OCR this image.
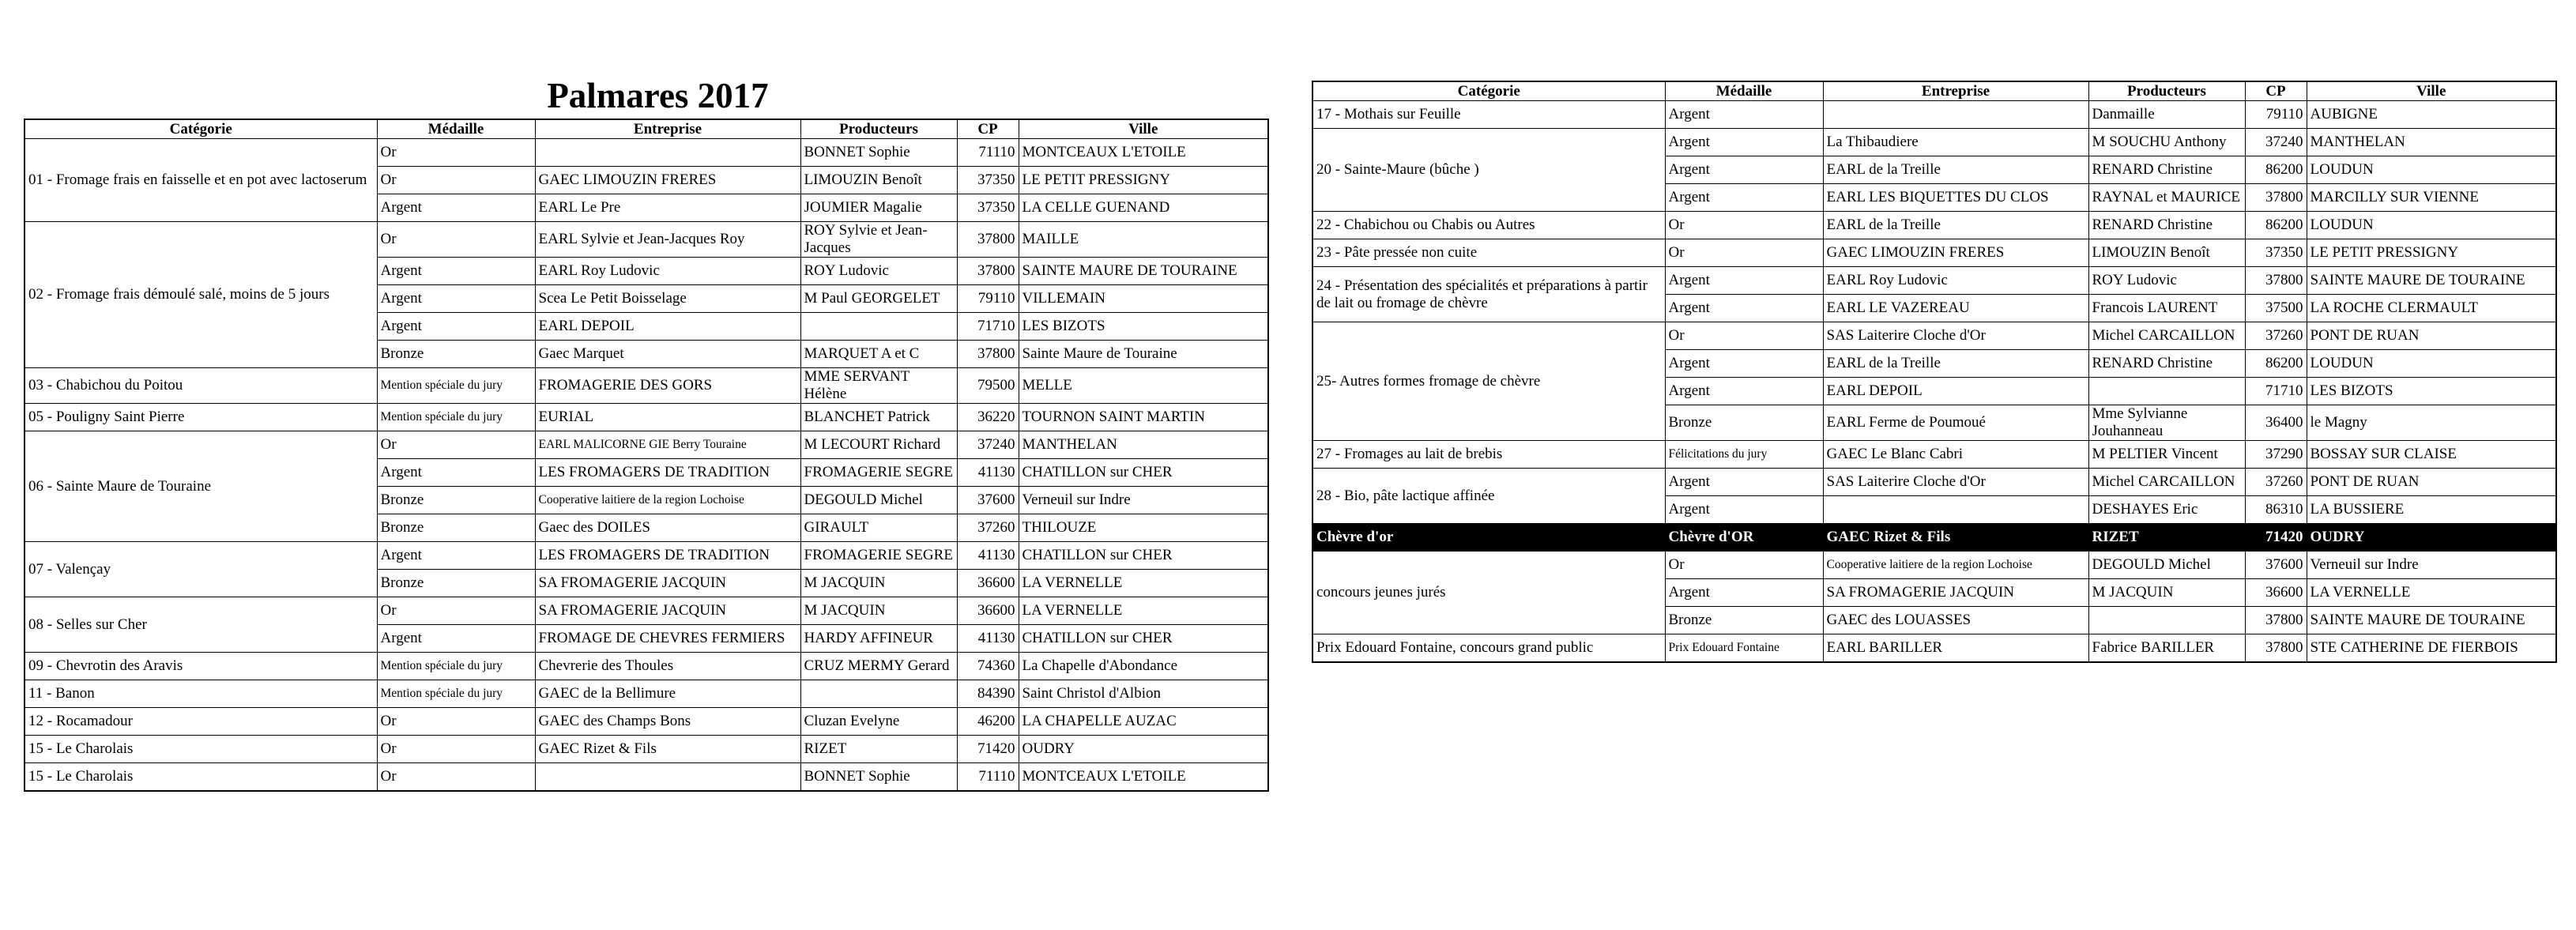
Palmares 2017
Catégorie	Médaille	Entreprise	Producteurs	CP	Ville
01 - Fromage frais en faisselle et en pot avec lactoserum	Or		BONNET Sophie	71110	MONTCEAUX L'ETOILE
	Or	GAEC LIMOUZIN FRERES	LIMOUZIN Benoît	37350	LE PETIT PRESSIGNY
	Argent	EARL Le Pre	JOUMIER Magalie	37350	LA CELLE GUENAND
02 - Fromage frais démoulé salé, moins de 5 jours	Or	EARL Sylvie et Jean-Jacques Roy	ROY Sylvie et Jean-Jacques	37800	MAILLE
	Argent	EARL Roy Ludovic	ROY Ludovic	37800	SAINTE MAURE DE TOURAINE
	Argent	Scea Le Petit Boisselage	M Paul GEORGELET	79110	VILLEMAIN
	Argent	EARL DEPOIL		71710	LES BIZOTS
	Bronze	Gaec Marquet	MARQUET A et C	37800	Sainte Maure de Touraine
03 - Chabichou du Poitou	Mention spéciale du jury	FROMAGERIE DES GORS	MME SERVANT Hélène	79500	MELLE
05 - Pouligny Saint Pierre	Mention spéciale du jury	EURIAL	BLANCHET Patrick	36220	TOURNON SAINT MARTIN
06 - Sainte Maure de Touraine	Or	EARL MALICORNE GIE Berry Touraine	M LECOURT Richard	37240	MANTHELAN
	Argent	LES FROMAGERS DE TRADITION	FROMAGERIE SEGRE	41130	CHATILLON sur CHER
	Bronze	Cooperative laitiere de la region Lochoise	DEGOULD Michel	37600	Verneuil sur Indre
	Bronze	Gaec des DOILES	GIRAULT	37260	THILOUZE
07 - Valençay	Argent	LES FROMAGERS DE TRADITION	FROMAGERIE SEGRE	41130	CHATILLON sur CHER
	Bronze	SA FROMAGERIE JACQUIN	M JACQUIN	36600	LA VERNELLE
08 - Selles sur Cher	Or	SA FROMAGERIE JACQUIN	M JACQUIN	36600	LA VERNELLE
	Argent	FROMAGE DE CHEVRES FERMIERS	HARDY AFFINEUR	41130	CHATILLON sur CHER
09 - Chevrotin des Aravis	Mention spéciale du jury	Chevrerie des Thoules	CRUZ MERMY Gerard	74360	La Chapelle d'Abondance
11 - Banon	Mention spéciale du jury	GAEC de la Bellimure		84390	Saint Christol d'Albion
12 - Rocamadour	Or	GAEC des Champs Bons	Cluzan Evelyne	46200	LA CHAPELLE AUZAC
15 - Le Charolais	Or	GAEC Rizet & Fils	RIZET	71420	OUDRY
15 - Le Charolais	Or		BONNET Sophie	71110	MONTCEAUX L'ETOILE
Catégorie	Médaille	Entreprise	Producteurs	CP	Ville
17 - Mothais sur Feuille	Argent		Danmaille	79110	AUBIGNE
20 - Sainte-Maure (bûche )	Argent	La Thibaudiere	M SOUCHU Anthony	37240	MANTHELAN
	Argent	EARL de la Treille	RENARD Christine	86200	LOUDUN
	Argent	EARL LES BIQUETTES DU CLOS	RAYNAL et MAURICE	37800	MARCILLY SUR VIENNE
22 - Chabichou ou Chabis ou Autres	Or	EARL de la Treille	RENARD Christine	86200	LOUDUN
23 - Pâte pressée non cuite	Or	GAEC LIMOUZIN FRERES	LIMOUZIN Benoît	37350	LE PETIT PRESSIGNY
24 - Présentation des spécialités et préparations à partir de lait ou fromage de chèvre	Argent	EARL Roy Ludovic	ROY Ludovic	37800	SAINTE MAURE DE TOURAINE
	Argent	EARL LE VAZEREAU	Francois LAURENT	37500	LA ROCHE CLERMAULT
25- Autres formes fromage de chèvre	Or	SAS Laiterire Cloche d'Or	Michel CARCAILLON	37260	PONT DE RUAN
	Argent	EARL de la Treille	RENARD Christine	86200	LOUDUN
	Argent	EARL DEPOIL		71710	LES BIZOTS
	Bronze	EARL Ferme de Poumoué	Mme Sylvianne Jouhanneau	36400	le Magny
27 - Fromages au lait de brebis	Félicitations du jury	GAEC Le Blanc Cabri	M PELTIER Vincent	37290	BOSSAY SUR CLAISE
28 - Bio, pâte lactique affinée	Argent	SAS Laiterire Cloche d'Or	Michel CARCAILLON	37260	PONT DE RUAN
	Argent		DESHAYES Eric	86310	LA BUSSIERE
Chèvre d'or	Chèvre d'OR	GAEC Rizet & Fils	RIZET	71420	OUDRY
concours jeunes jurés	Or	Cooperative laitiere de la region Lochoise	DEGOULD Michel	37600	Verneuil sur Indre
	Argent	SA FROMAGERIE JACQUIN	M JACQUIN	36600	LA VERNELLE
	Bronze	GAEC des LOUASSES		37800	SAINTE MAURE DE TOURAINE
Prix Edouard Fontaine, concours grand public	Prix Edouard Fontaine	EARL BARILLER	Fabrice BARILLER	37800	STE CATHERINE DE FIERBOIS
